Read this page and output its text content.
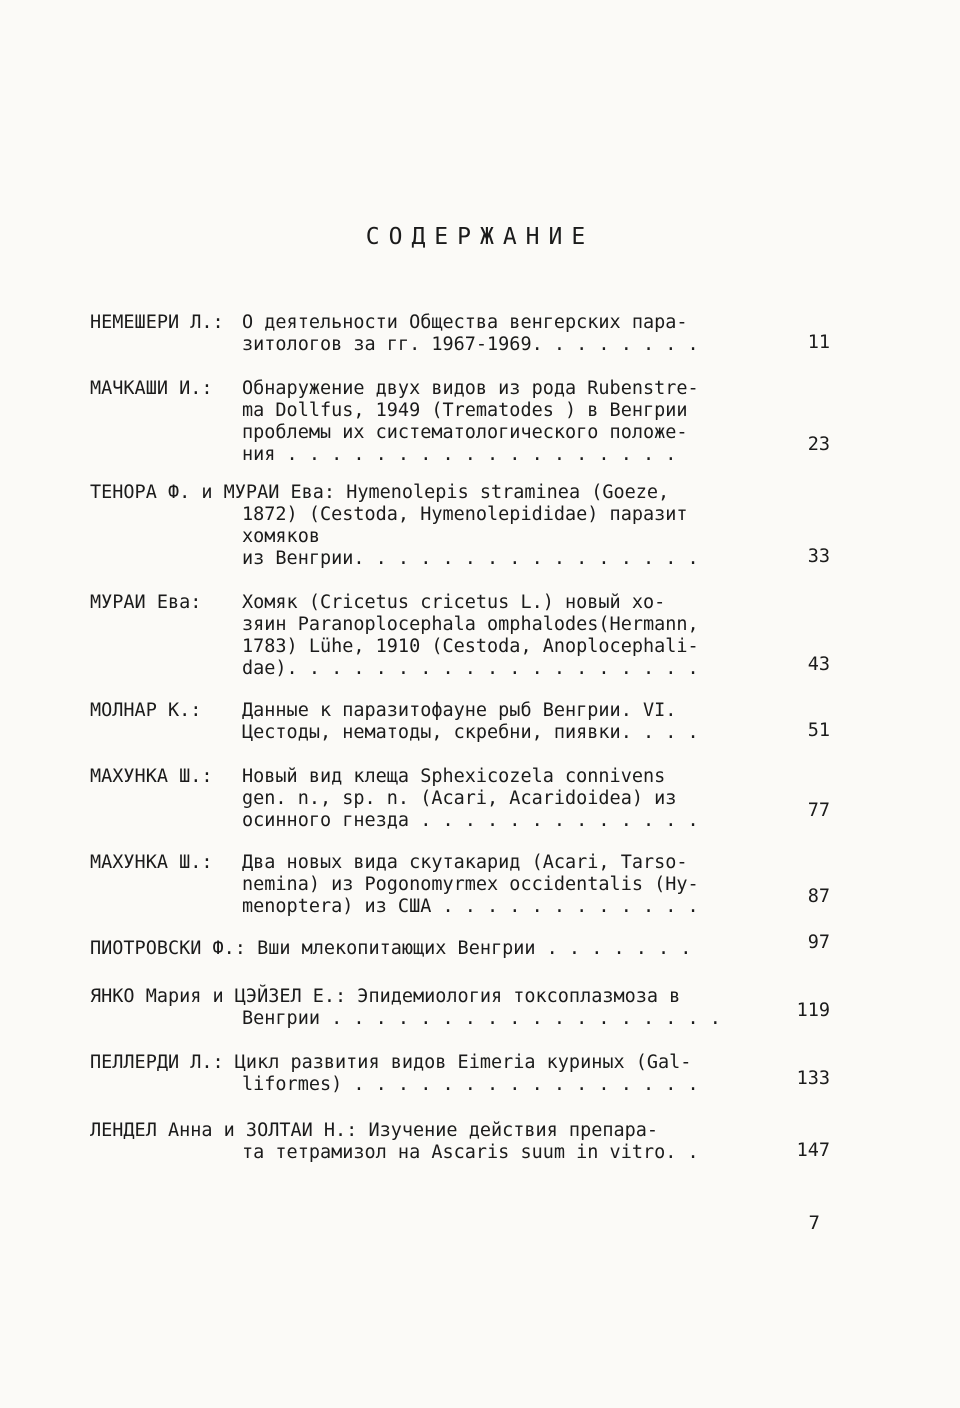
СОДЕРЖАНИЕ
НЕМЕШЕРИ Л.: О деятельности Общества венгерских пара-
зитологов за гг. 1967-1969. . . . . . . .	11
МАЧКАШИ И.: Обнаружение двух видов из рода Rubenstre-
ma Dollfus, 1949 (Trematodes ) в Венгрии
проблемы их систематологического положе-
ния . . . . . . . . . . . . . . . . . .	23
ТЕНОРА Ф. и МУРАИ Ева: Hymenolepis straminea (Goeze,
1872) (Cestoda, Hymenolepididae) паразит
хомяков
из Венгрии. . . . . . . . . . . . . . . .	33
МУРАИ Ева: Хомяк (Cricetus cricetus L.) новый хо-
зяин Paranoplocephala omphalodes(Hermann,
1783) Lühe, 1910 (Cestoda, Anoplocephali-
dae). . . . . . . . . . . . . . . . . . .	43
МОЛНАР К.: Данные к паразитофауне рыб Венгрии. VI.
Цестоды, нематоды, скребни, пиявки. . . .	51
МАХУНКА Ш.: Новый вид клеща Sphexicozela connivens
gen. n., sp. n. (Acari, Acaridoidea) из
осинного гнезда . . . . . . . . . . . . .	77
МАХУНКА Ш.: Два новых вида скутакарид (Acari, Tarso-
nemina) из Pogonomyrmex occidentalis (Hy-
menoptera) из США . . . . . . . . . . . .	87
ПИОТРОВСКИ Ф.: Вши млекопитающих Венгрии . . . . . . .	97
ЯНКО Мария и ЦЭЙЗЕЛ Е.: Эпидемиология токсоплазмоза в
Венгрии . . . . . . . . . . . . . . . . . .	119
ПЕЛЛЕРДИ Л.: Цикл развития видов Eimeria куриных (Gal-
liformes) . . . . . . . . . . . . . . . .	133
ЛЕНДЕЛ Анна и ЗОЛТАИ Н.: Изучение действия препара-
та тетрамизол на Ascaris suum in vitro. .	147
7
